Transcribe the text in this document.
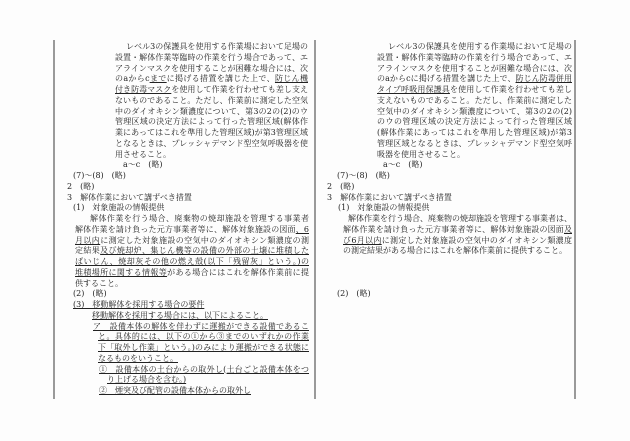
レベル3の保護具を使用する作業場において足場の
設置・解体作業等臨時の作業を行う場合であって、エ
アラインマスクを使用することが困難な場合には、次
のaからcまでに掲げる措置を講じた上で、防じん機
付き防毒マスクを使用して作業を行わせても差し支え
ないものであること。ただし、作業前に測定した空気
中のダイオキシン類濃度について、第3の2の(2)のウ
管理区域の決定方法によって行った管理区域(解体作
業にあってはこれを準用した管理区域)が第3管理区域
となるときは、プレッシャデマンド型空気呼吸器を使
用させること。
a～c　(略)
(7)～(8)　(略)
2　(略)
3　解体作業において講ずべき措置
(1)　対象施設の情報提供
解体作業を行う場合、廃棄物の焼却施設を管理する事業者
解体作業を請け負った元方事業者等に、解体対象施設の図面、6
月以内に測定した対象施設の空気中のダイオキシン類濃度の測
定結果及び焼却炉、集じん機等の設備の外部の土壌に堆積した
ばいじん、焼却灰その他の燃え殻(以下「残留灰」という。)の
堆積場所に関する情報等がある場合にはこれを解体作業前に提
供すること。
(2)　(略)
(3)　移動解体を採用する場合の要件
移動解体を採用する場合には、以下によること。
ア　設備本体の解体を伴わずに運搬ができる設備であるこ
と。具体的には、以下の①から③までのいずれかの作業
下「取外し作業」という。)のみにより運搬ができる状態に
なるものをいうこと。
①　設備本体の土台からの取外し(土台ごと設備本体をつ
り上げる場合を含む。)
②　煙突及び配管の設備本体からの取外し
レベル3の保護具を使用する作業場において足場の
設置・解体作業等臨時の作業を行う場合であって、エ
アラインマスクを使用することが困難な場合には、次
のaからcに掲げる措置を講じた上で、防じん防毒併用
タイプ呼吸用保護具を使用して作業を行わせても差し
支えないものであること。ただし、作業前に測定した
空気中のダイオキシン類濃度について、第3の2の(2)
のウの管理区域の決定方法によって行った管理区域
(解体作業にあってはこれを準用した管理区域)が第3
管理区域となるときは、プレッシャデマンド型空気呼
吸器を使用させること。
a～c　(略)
(7)～(8)　(略)
2　(略)
3　解体作業において講ずべき措置
(1)　対象施設の情報提供
解体作業を行う場合、廃棄物の焼却施設を管理する事業者は、
解体作業を請け負った元方事業者等に、解体対象施設の図面及
び6月以内に測定した対象施設の空気中のダイオキシン類濃度
の測定結果がある場合にはこれを解体作業前に提供すること。
(2)　(略)
